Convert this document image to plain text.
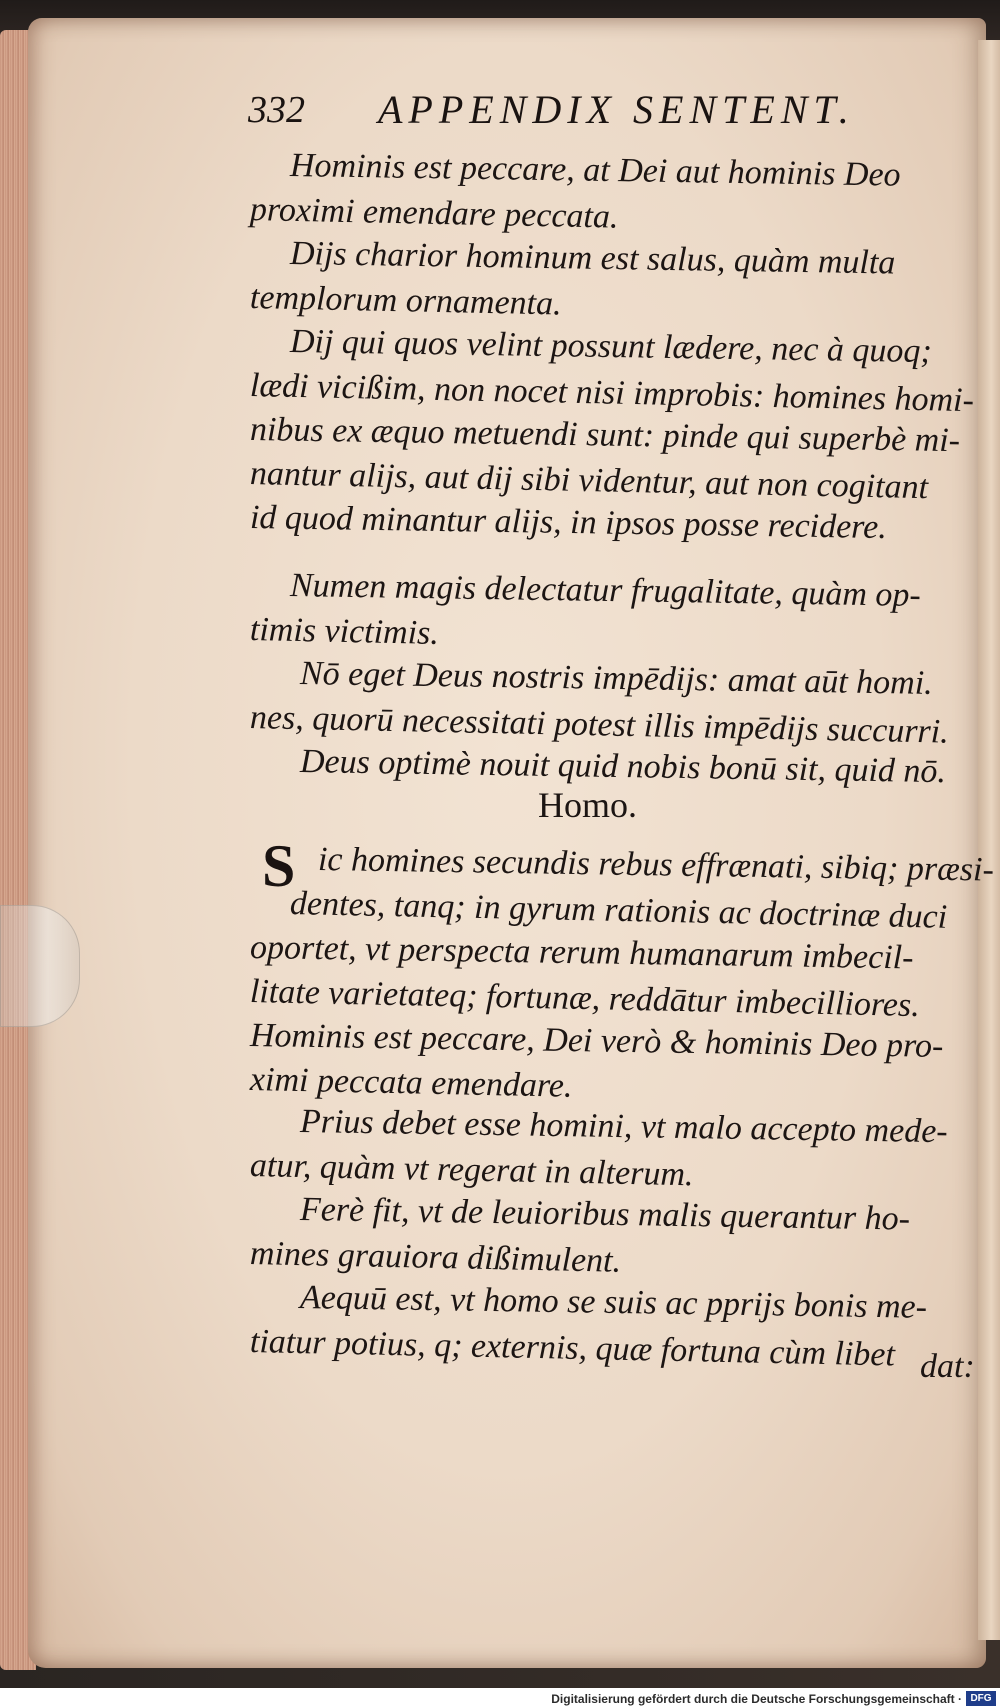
332 APPENDIX SENTENT.
Hominis est peccare, at Dei aut hominis Deo
proximi emendare peccata.
Dijs charior hominum est salus, quàm multa
templorum ornamenta.
Dij qui quos velint possunt lædere, nec à quoq;
lædi vicißim, non nocet nisi improbis: homines homi-
nibus ex æquo metuendi sunt: pinde qui superbè mi-
nantur alijs, aut dij sibi videntur, aut non cogitant
id quod minantur alijs, in ipsos posse recidere.
Numen magis delectatur frugalitate, quàm op-
timis victimis.
Nō eget Deus nostris impēdijs: amat aūt homi.
nes, quorū necessitati potest illis impēdijs succurri.
Deus optimè nouit quid nobis bonū sit, quid nō.
ic homines secundis rebus effrænati, sibiq; præsi-
dentes, tanq; in gyrum rationis ac doctrinæ duci
oportet, vt perspecta rerum humanarum imbecil-
litate varietateq; fortunæ, reddātur imbecilliores.
Hominis est peccare, Dei verò & hominis Deo pro-
ximi peccata emendare.
Prius debet esse homini, vt malo accepto mede-
atur, quàm vt regerat in alterum.
Ferè fit, vt de leuioribus malis querantur ho-
mines grauiora dißimulent.
Aequū est, vt homo se suis ac pprijs bonis me-
tiatur potius, q; externis, quæ fortuna cùm libet
Homo.
S
dat:
Digitalisierung gefördert durch die Deutsche Forschungsgemeinschaft · DFG
